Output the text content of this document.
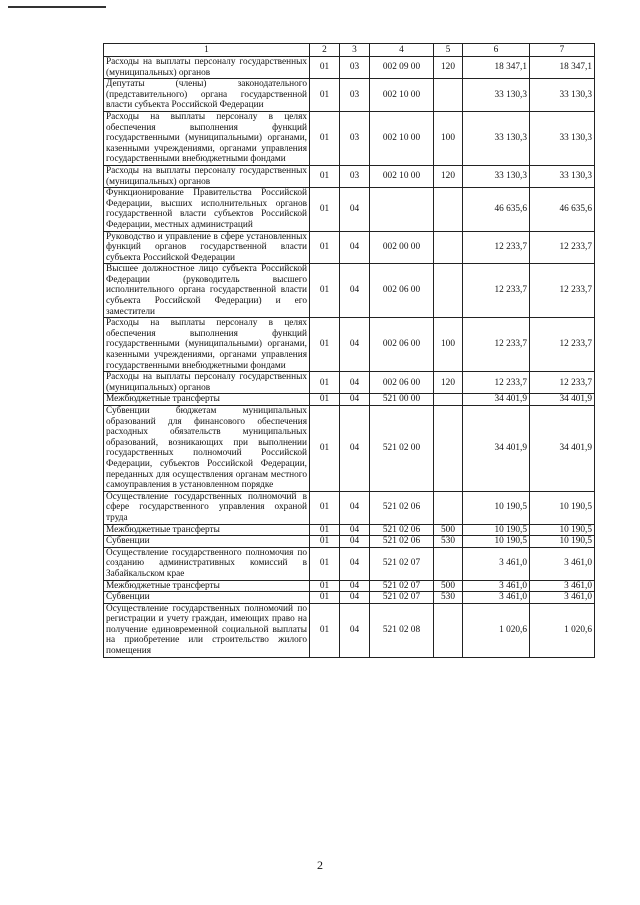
1	2	3	4	5	6	7
Расходы на выплаты персоналу государственных (муниципальных) органов	01	03	002 09 00	120	18 347,1	18 347,1
Депутаты (члены) законодательного (представительного) органа государственной власти субъекта Российской Федерации	01	03	002 10 00		33 130,3	33 130,3
Расходы на выплаты персоналу в целях обеспечения выполнения функций государственными (муниципальными) органами, казенными учреждениями, органами управления государственными внебюджетными фондами	01	03	002 10 00	100	33 130,3	33 130,3
Расходы на выплаты персоналу государственных (муниципальных) органов	01	03	002 10 00	120	33 130,3	33 130,3
Функционирование Правительства Российской Федерации, высших исполнительных органов государственной власти субъектов Российской Федерации, местных администраций	01	04			46 635,6	46 635,6
Руководство и управление в сфере установленных функций органов государственной власти субъекта Российской Федерации	01	04	002 00 00		12 233,7	12 233,7
Высшее должностное лицо субъекта Российской Федерации (руководитель высшего исполнительного органа государственной власти субъекта Российской Федерации) и его заместители	01	04	002 06 00		12 233,7	12 233,7
Расходы на выплаты персоналу в целях обеспечения выполнения функций государственными (муниципальными) органами, казенными учреждениями, органами управления государственными внебюджетными фондами	01	04	002 06 00	100	12 233,7	12 233,7
Расходы на выплаты персоналу государственных (муниципальных) органов	01	04	002 06 00	120	12 233,7	12 233,7
Межбюджетные трансферты	01	04	521 00 00		34 401,9	34 401,9
Субвенции бюджетам муниципальных образований для финансового обеспечения расходных обязательств муниципальных образований, возникающих при выполнении государственных полномочий Российской Федерации, субъектов Российской Федерации, переданных для осуществления органам местного самоуправления в установленном порядке	01	04	521 02 00		34 401,9	34 401,9
Осуществление государственных полномочий в сфере государственного управления охраной труда	01	04	521 02 06		10 190,5	10 190,5
Межбюджетные трансферты	01	04	521 02 06	500	10 190,5	10 190,5
Субвенции	01	04	521 02 06	530	10 190,5	10 190,5
Осуществление государственного полномочия по созданию административных комиссий в Забайкальском крае	01	04	521 02 07		3 461,0	3 461,0
Межбюджетные трансферты	01	04	521 02 07	500	3 461,0	3 461,0
Субвенции	01	04	521 02 07	530	3 461,0	3 461,0
Осуществление государственных полномочий по регистрации и учету граждан, имеющих право на получение единовременной социальной выплаты на приобретение или строительство жилого помещения	01	04	521 02 08		1 020,6	1 020,6
2
